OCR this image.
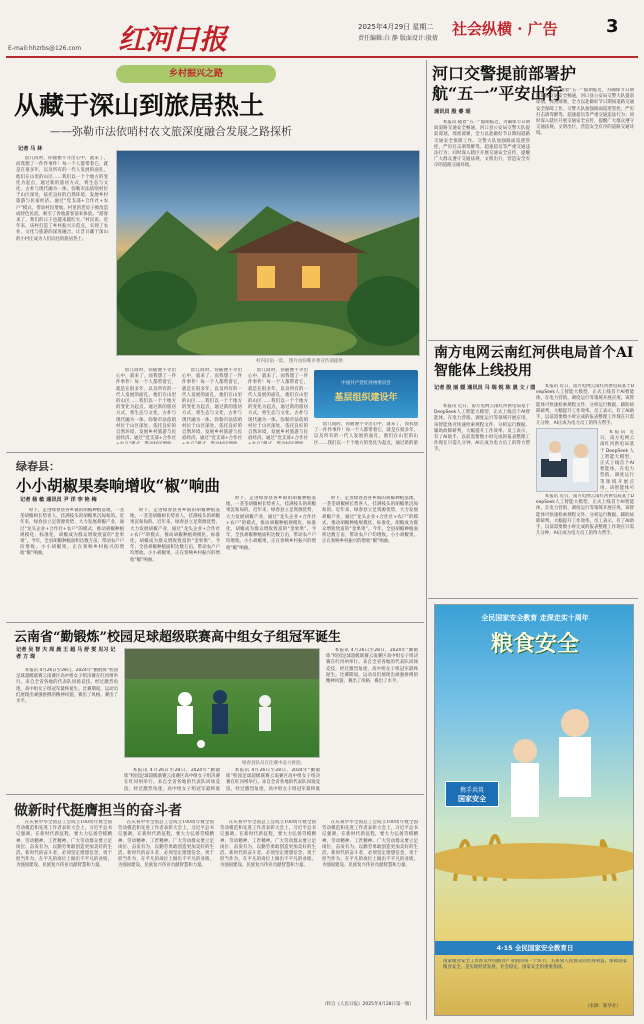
E-mail:hhzrbs@126.com 红河日报	2025年4月29日 星期二
责任编辑:白 静 版面设计:殷倩
社会纵横 · 广告	3
乡村振兴之路
从藏于深山到旅居热土
——弥勒市法依哨村农文旅深度融合发展之路探析
记者 马 林

留几间时，你随便不寻出心中，就来了，而我想了一件件事件！每一个人都带着它，就是在很多年，以及所有的一代人发展的面孔，他们在山里的山区……我们以一个个地方的变化为起点，通过新的旅居方式，将生态与文化、古朴与现代融为一体。弥勒市法依哨村位于山区深处，依托良好的自然环境，发展乡村旅游与民宿经济。通过“党支部+合作社+农户”模式，带动村民增收。村里的老房子被改造成特色民宿，吸引了各地游客前来体验。“游客来了，我们的日子也越来越红火。”村民说。近年来，该村打造了乡村振兴示范点，实现了农业、文化与旅游的深度融合，让昔日藏于深山的小村庄成为人们向往的旅居热土。

村内民宿一景。 图片由弥勒市委宣传部提供

留几间时，你随便不寻出心中，就来了，而我想了一件件事件！每一个人都带着它，就是在很多年，以及所有的一代人发展的面孔，他们在山里的山区……我们以一个个地方的变化为起点，通过新的旅居方式，将生态与文化、古朴与现代融为一体。弥勒市法依哨村位于山区深处，依托良好的自然环境，发展乡村旅游与民宿经济。通过“党支部+合作社

留几间时，你随便不寻出心中，就来了，而我想了一件件事件！每一个人都带着它，就是在很多年，以及所有的一代人发展的面孔，他们在山里的山区……我们以一个个地方的变化为起点，通过新的旅居方式，将生态与文化、古朴与现代融为一体。弥勒市法依哨村位于山区深处，依托良好的自然环境，发展乡村旅游与民宿经济。通过“党支部+合作社

留几间时，你随便不寻出心中，就来了，而我想了一件件事件！每一个人都带着它，就是在很多年，以及所有的一代人发展的面孔，他们在山里的山区……我们以一个个地方的变化为起点，通过新的旅居方式，将生态与文化、古朴与现代融为一体。弥勒市法依哨村位于山区深处，依托良好的自然环境，发展乡村旅游与民宿经济。通过“党支部+合作社

中国共产党红河州委员会
基层组织建设年

留几间时，你随便不寻出心中，就来了，而我想了一件件事件！每一个人都带着它，就是在很多年，以及所有的一代人发展的面孔，他们在山里的山区……我们以一个个地方的变化为起点，通过新的旅

绿春县：
小小胡椒果奏响增收“椒”响曲
记者 杨 敏 通讯员 尹 洋 李 艳 梅

时下，走进绿春县各乡镇的胡椒种植基地，一垄垄胡椒树长势喜人，挂满枝头的胡椒果沉甸甸的。近年来，绿春县立足资源优势，大力发展胡椒产业，通过“龙头企业+合作社+农户”的模式，推动胡椒种植规模化、标准化，胡椒成为群众增收致富的“金果果”。今年，全县胡椒种植面积达数万亩，带动农户户均增收。小小胡椒果，正在奏响乡村振兴的增收“椒”响曲。

时下，走进绿春县各乡镇的胡椒种植基地，一垄垄胡椒树长势喜人，挂满枝头的胡椒果沉甸甸的。近年来，绿春县立足资源优势，大力发展胡椒产业，通过“龙头企业+合作社+农户”的模式，推动胡椒种植规模化、标准化，胡椒成为群众增收致富的“金果果”。今年，全县胡椒种植面积达数万亩，带动农户户均增收。小小胡椒果，正在奏响乡村振兴的增收“椒”响曲。

时下，走进绿春县各乡镇的胡椒种植基地，一垄垄胡椒树长势喜人，挂满枝头的胡椒果沉甸甸的。近年来，绿春县立足资源优势，大力发展胡椒产业，通过“龙头企业+合作社+农户”的模式，推动胡椒种植规模化、标准化，胡椒成为群众增收致富的“金果果”。今年，全县胡椒种植面积达数万亩，带动农户户均增收。小小胡椒果，正在奏响乡村振兴的增收“椒”响曲。

时下，走进绿春县各乡镇的胡椒种植基地，一垄垄胡椒树长势喜人，挂满枝头的胡椒果沉甸甸的。近年来，绿春县立足资源优势，大力发展胡椒产业，通过“龙头企业+合作社+农户”的模式，推动胡椒种植规模化、标准化，胡椒成为群众增收致富的“金果果”。今年，全县胡椒种植面积达数万亩，带动农户户均增收。小小胡椒果，正在奏响乡村振兴的增收“椒”响曲。

云南省“勤锻炼”校园足球超级联赛高中组女子组冠军诞生
记者 吴 智 夫 周 晨 王 超 马 舒 雯 见习 记者 方 琛

本报讯 4月26日至28日，2024年“勤锻炼”校园足球超级联赛云南赛区高中组女子组决赛在红河州举行。来自全省各地的代表队同场竞技，经过激烈角逐，高中组女子组冠军最终诞生。比赛期间，运动员们展现出顽强拼搏的精神风貌，赛出了风格、赛出了水平。

绿春县队员在比赛中奋力拼抢。

本报讯 4月26日至28日，2024年“勤锻炼”校园足球超级联赛云南赛区高中组女子组决赛在红河州举行。来自全省各地的代表队同场竞技，经过激烈角逐，高中组女子组冠军最终诞

本报讯 4月26日至28日，2024年“勤锻炼”校园足球超级联赛云南赛区高中组女子组决赛在红河州举行。来自全省各地的代表队同场竞技，经过激烈角逐，高中组女子组冠军最终诞

本报讯 4月26日至28日，2024年“勤锻炼”校园足球超级联赛云南赛区高中组女子组决赛在红河州举行。来自全省各地的代表队同场竞技，经过激烈角逐，高中组女子组冠军最终诞生。比赛期间，运动员们展现出顽强拼搏的精神风貌，赛出了风格、赛出了水平。

做新时代挺膺担当的奋斗者

在庆祝中华全国总工会成立100周年暨全国劳动模范和先进工作者表彰大会上，习近平总书记强调，在新时代新征程，要大力弘扬劳模精神、劳动精神、工匠精神。广大劳动群众要立足岗位、奋发有为，以勤劳勇敢创造更加美好的生活。新时代的奋斗者，必须坚定理想信念，勇于担当作为，在平凡的岗位上做出不平凡的业绩，为强国建设、民族复兴伟业贡献智慧和力量。

在庆祝中华全国总工会成立100周年暨全国劳动模范和先进工作者表彰大会上，习近平总书记强调，在新时代新征程，要大力弘扬劳模精神、劳动精神、工匠精神。广大劳动群众要立足岗位、奋发有为，以勤劳勇敢创造更加美好的生活。新时代的奋斗者，必须坚定理想信念，勇于担当作为，在平凡的岗位上做出不平凡的业绩，为强国建设、民族复兴伟业贡献智慧和力量。

在庆祝中华全国总工会成立100周年暨全国劳动模范和先进工作者表彰大会上，习近平总书记强调，在新时代新征程，要大力弘扬劳模精神、劳动精神、工匠精神。广大劳动群众要立足岗位、奋发有为，以勤劳勇敢创造更加美好的生活。新时代的奋斗者，必须坚定理想信念，勇于担当作为，在平凡的岗位上做出不平凡的业绩，为强国建设、民族复兴伟业贡献智慧和力量。

在庆祝中华全国总工会成立100周年暨全国劳动模范和先进工作者表彰大会上，习近平总书记强调，在新时代新征程，要大力弘扬劳模精神、劳动精神、工匠精神。广大劳动群众要立足岗位、奋发有为，以勤劳勇敢创造更加美好的生活。新时代的奋斗者，必须坚定理想信念，勇于担当作为，在平凡的岗位上做出不平凡的业绩，为强国建设、民族复兴伟业贡献智慧和力量。

（转自《人民日报》2025年4月28日第一版）
河口交警提前部署护航“五一”平安出行
通讯员 殷 睿 瑶

本报讯 随着“五一”假期临近，为确保节日期间道路交通安全畅通，河口县公安局交警大队提前谋划、周密部署，全力以赴做好节日期间道路交通安全保障工作。交警大队加强路面巡逻管控，严厉打击酒驾醉驾、超速超员等严重交通违法行为；同时深入辖区开展交通安全宣传，提醒广大群众遵守交通法规，文明出行，营造安全有序的道路交通环境。

本报讯 随着“五一”假期临近，为确保节日期间道路交通安全畅通，河口县公安局交警大队提前谋划、周密部署，全力以赴做好节日期间道路交通安全保障工作。交警大队加强路面巡逻管控，严厉打击酒驾醉驾、超速超员等严重交通违法行为；同时深入辖区开展交通安全宣传，提醒广大群众遵守交通法规，文明出行，营造安全有序的道路交通环境。

南方电网云南红河供电局首个AI智能体上线投用
记者 殷 丽 媛 通讯员 马 瑞 锐 陈 晟 文 / 图

本报讯 近日，南方电网云南红河供电局基于DeepSeek人工智能大模型，正式上线首个AI智能体，在电力营销、调度运行等领域开展应用。该智能体可快速检索规程文件、分析运行数据、辅助故障研判，大幅提升工作效率。员工表示，有了AI助手，以前需要数小时完成的报表整理工作现在只需几分钟，AI正成为电力员工的得力帮手。

本报讯 近日，南方电网云南红河供电局基于DeepSeek人工智能大模型，正式上线首个AI智能体，在电力营销、调度运行等领域开展应用。该智能体可快速检索规程文件、分析运行数据、辅助故障研判，大幅提升工作效率。员工表示，有了AI助手，以前需要数小时完成的报表整理工作现在只需几分钟，AI正成为电力员工的得力帮手。

本报讯 近日，南方电网云南红河供电局基于DeepSeek人工智能大模型，正式上线首个AI智能体，在电力营销、调度运行等领域开展应用。该智能体可

本报讯 近日，南方电网云南红河供电局基于DeepSeek人工智能大模型，正式上线首个AI智能体，在电力营销、调度运行等领域开展应用。该智能体可快速检索规程文件、分析运行数据、辅助故障研判，大幅提升工作效率。员工表示，有了AI助手，以前需要数小时完成的报表整理工作现在只需几分钟，AI正成为电力员工的得力帮手。

全民国家安全教育 走深走实十周年
粮食安全
携手共筑
国家安全
4·15 全民国家安全教育日
国家粮食安全工作涉及中国粮食产业链的每一个环节，关系到人民群众的切身利益。保障国家粮食安全，是实现经济发展、社会稳定、国家安全的重要基础。
（来源：新华社）
